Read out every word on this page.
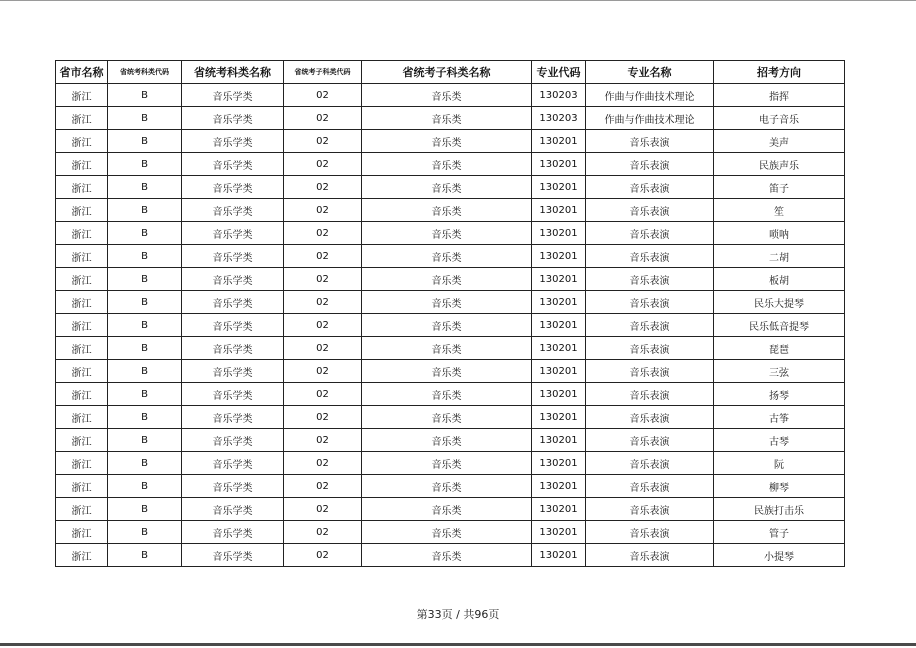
省市名称	省统考科类代码	省统考科类名称	省统考子科类代码	省统考子科类名称	专业代码	专业名称	招考方向
浙江	B	音乐学类	02	音乐类	130203	作曲与作曲技术理论	指挥
浙江	B	音乐学类	02	音乐类	130203	作曲与作曲技术理论	电子音乐
浙江	B	音乐学类	02	音乐类	130201	音乐表演	美声
浙江	B	音乐学类	02	音乐类	130201	音乐表演	民族声乐
浙江	B	音乐学类	02	音乐类	130201	音乐表演	笛子
浙江	B	音乐学类	02	音乐类	130201	音乐表演	笙
浙江	B	音乐学类	02	音乐类	130201	音乐表演	唢呐
浙江	B	音乐学类	02	音乐类	130201	音乐表演	二胡
浙江	B	音乐学类	02	音乐类	130201	音乐表演	板胡
浙江	B	音乐学类	02	音乐类	130201	音乐表演	民乐大提琴
浙江	B	音乐学类	02	音乐类	130201	音乐表演	民乐低音提琴
浙江	B	音乐学类	02	音乐类	130201	音乐表演	琵琶
浙江	B	音乐学类	02	音乐类	130201	音乐表演	三弦
浙江	B	音乐学类	02	音乐类	130201	音乐表演	扬琴
浙江	B	音乐学类	02	音乐类	130201	音乐表演	古筝
浙江	B	音乐学类	02	音乐类	130201	音乐表演	古琴
浙江	B	音乐学类	02	音乐类	130201	音乐表演	阮
浙江	B	音乐学类	02	音乐类	130201	音乐表演	柳琴
浙江	B	音乐学类	02	音乐类	130201	音乐表演	民族打击乐
浙江	B	音乐学类	02	音乐类	130201	音乐表演	管子
浙江	B	音乐学类	02	音乐类	130201	音乐表演	小提琴
第33页 / 共96页
